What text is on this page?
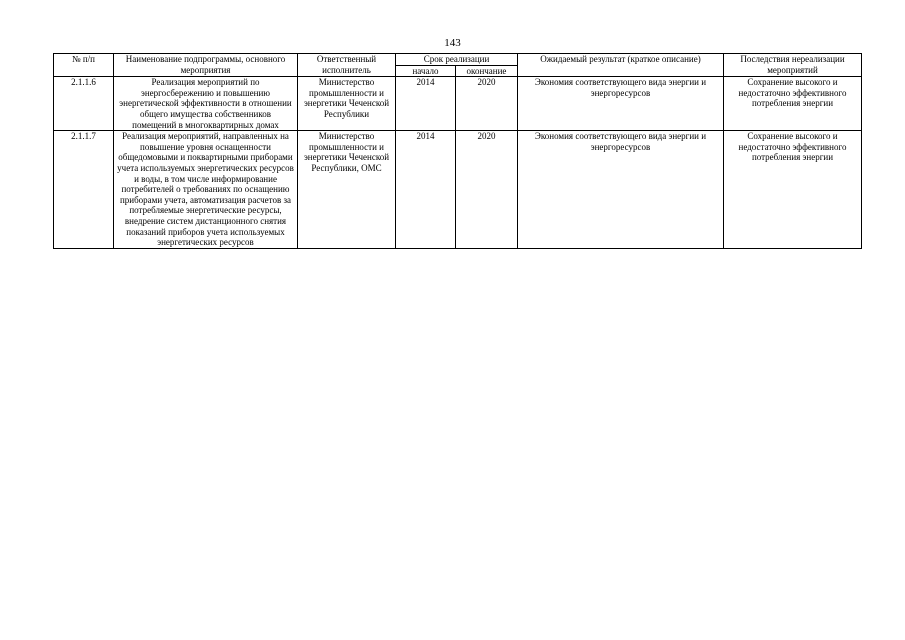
143
№ п/п	Наименование подпрограммы, основного мероприятия	Ответственный исполнитель	Срок реализации		Ожидаемый результат (краткое описание)	Последствия нереализации мероприятий
			начало	окончание		
2.1.1.6	Реализация мероприятий по энергосбережению и повышению энергетической эффективности в отношении общего имущества собственников помещений в многоквартирных домах	Министерство промышленности и энергетики Чеченской Республики	2014	2020	Экономия соответствующего вида энергии и энергоресурсов	Сохранение высокого и недостаточно эффективного потребления энергии
2.1.1.7	Реализация мероприятий, направленных на повышение уровня оснащенности общедомовыми и поквартирными приборами учета используемых энергетических ресурсов и воды, в том числе информирование потребителей о требованиях по оснащению приборами учета, автоматизация расчетов за потребляемые энергетические ресурсы, внедрение систем дистанционного снятия показаний приборов учета используемых энергетических ресурсов	Министерство промышленности и энергетики Чеченской Республики, ОМС	2014	2020	Экономия соответствующего вида энергии и энергоресурсов	Сохранение высокого и недостаточно эффективного потребления энергии
